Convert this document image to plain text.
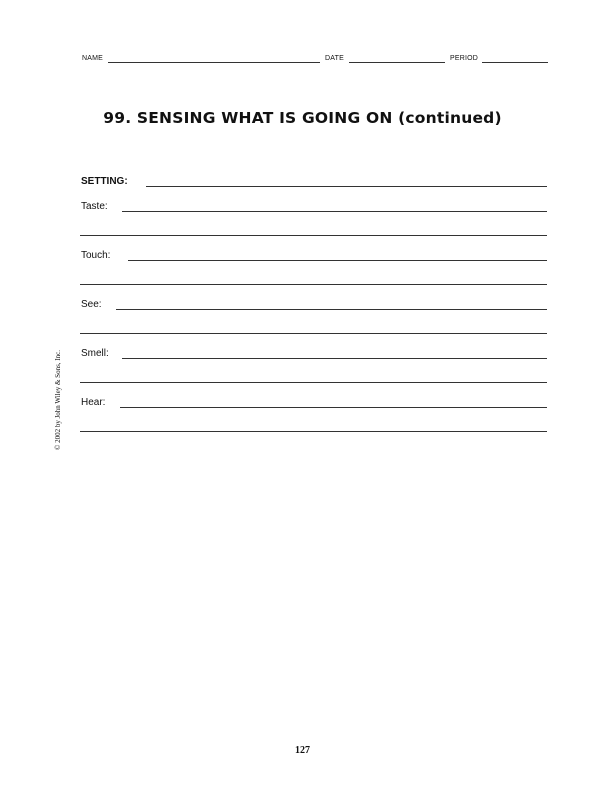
NAME	DATE	PERIOD
99. SENSING WHAT IS GOING ON (continued)
SETTING:
Taste:
Touch:
See:
Smell:
Hear:
© 2002 by John Wiley & Sons, Inc.
127
